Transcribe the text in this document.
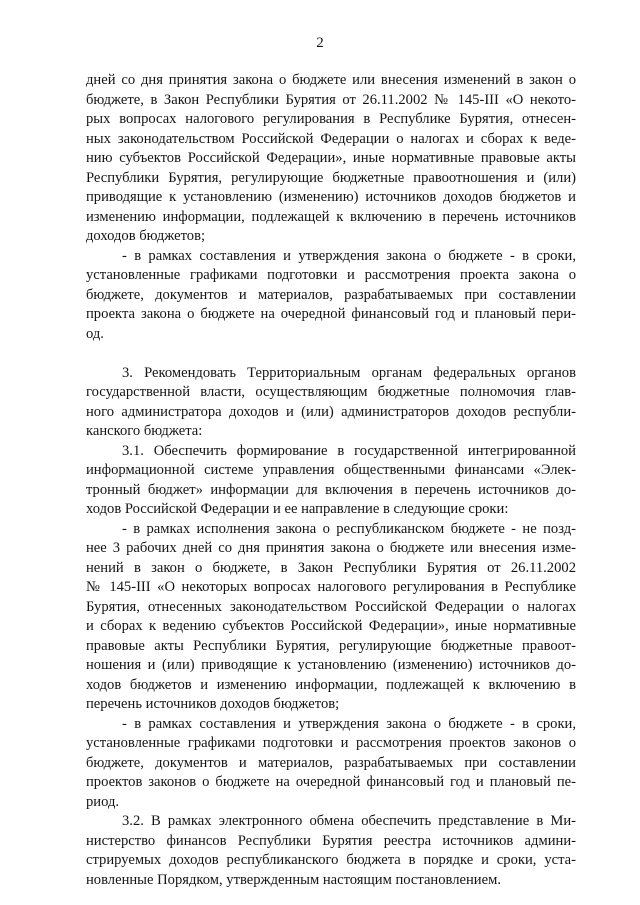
2
дней со дня принятия закона о бюджете или внесения изменений в закон о
бюджете, в Закон Республики Бурятия от 26.11.2002 № 145-III «О некото-
рых вопросах налогового регулирования в Республике Бурятия, отнесен-
ных законодательством Российской Федерации о налогах и сборах к веде-
нию субъектов Российской Федерации», иные нормативные правовые акты
Республики Бурятия, регулирующие бюджетные правоотношения и (или)
приводящие к установлению (изменению) источников доходов бюджетов и
изменению информации, подлежащей к включению в перечень источников
доходов бюджетов;
- в рамках составления и утверждения закона о бюджете - в сроки,
установленные графиками подготовки и рассмотрения проекта закона о
бюджете, документов и материалов, разрабатываемых при составлении
проекта закона о бюджете на очередной финансовый год и плановый пери-
од.
3. Рекомендовать Территориальным органам федеральных органов
государственной власти, осуществляющим бюджетные полномочия глав-
ного администратора доходов и (или) администраторов доходов республи-
канского бюджета:
3.1. Обеспечить формирование в государственной интегрированной
информационной системе управления общественными финансами «Элек-
тронный бюджет» информации для включения в перечень источников до-
ходов Российской Федерации и ее направление в следующие сроки:
- в рамках исполнения закона о республиканском бюджете - не позд-
нее 3 рабочих дней со дня принятия закона о бюджете или внесения изме-
нений в закон о бюджете, в Закон Республики Бурятия от 26.11.2002
№ 145-III «О некоторых вопросах налогового регулирования в Республике
Бурятия, отнесенных законодательством Российской Федерации о налогах
и сборах к ведению субъектов Российской Федерации», иные нормативные
правовые акты Республики Бурятия, регулирующие бюджетные правоот-
ношения и (или) приводящие к установлению (изменению) источников до-
ходов бюджетов и изменению информации, подлежащей к включению в
перечень источников доходов бюджетов;
- в рамках составления и утверждения закона о бюджете - в сроки,
установленные графиками подготовки и рассмотрения проектов законов о
бюджете, документов и материалов, разрабатываемых при составлении
проектов законов о бюджете на очередной финансовый год и плановый пе-
риод.
3.2. В рамках электронного обмена обеспечить представление в Ми-
нистерство финансов Республики Бурятия реестра источников админи-
стрируемых доходов республиканского бюджета в порядке и сроки, уста-
новленные Порядком, утвержденным настоящим постановлением.
